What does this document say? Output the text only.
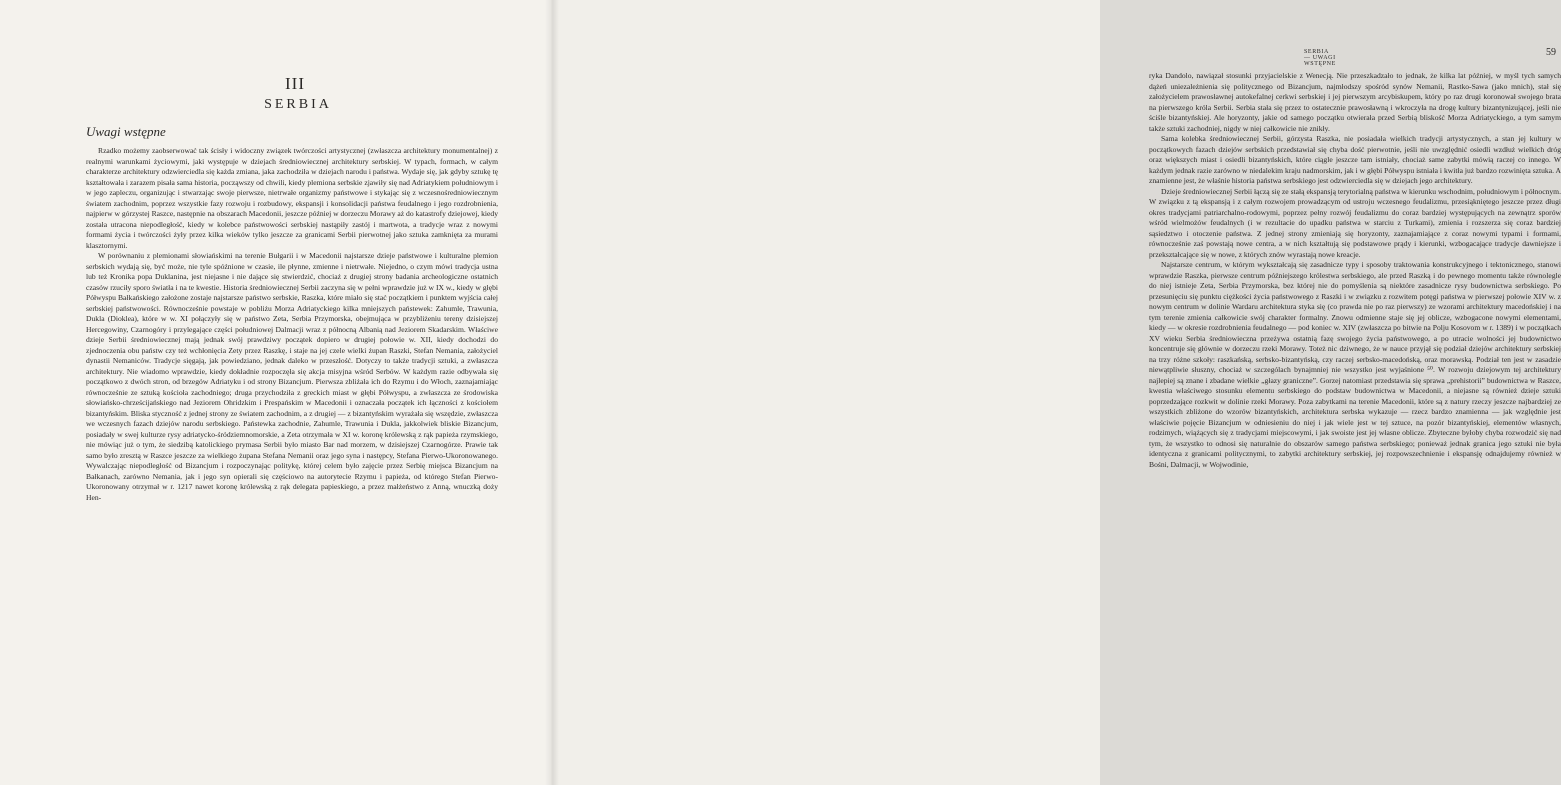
III
SERBIA
Uwagi wstępne

Rzadko możemy zaobserwować tak ścisły i widoczny związek twórczości artystycznej (zwłaszcza architektury monumentalnej) z realnymi warunkami życiowymi, jaki występuje w dziejach średniowiecznej architektury serbskiej. W typach, formach, w całym charakterze architektury odzwierciedla się każda zmiana, jaka zachodziła w dziejach narodu i państwa. Wydaje się, jak gdyby sztukę tę kształtowała i zarazem pisała sama historia, począwszy od chwili, kiedy plemiona serbskie zjawiły się nad Adriatykiem południowym i w jego zapleczu, organizując i stwarzając swoje pierwsze, nietrwałe organizmy państwowe i stykając się z wczesnośredniowiecznym światem zachodnim, poprzez wszystkie fazy rozwoju i rozbudowy, ekspansji i konsolidacji państwa feudalnego i jego rozdrobnienia, najpierw w górzystej Raszce, następnie na obszarach Macedonii, jeszcze później w dorzeczu Morawy aż do katastrofy dziejowej, kiedy została utracona niepodległość, kiedy w kolebce państwowości serbskiej nastąpiły zastój i martwota, a tradycje wraz z nowymi formami życia i twórczości żyły przez kilka wieków tylko jeszcze za granicami Serbii pierwotnej jako sztuka zamknięta za murami klasztornymi.

W porównaniu z plemionami słowiańskimi na terenie Bułgarii i w Macedonii najstarsze dzieje państwowe i kulturalne plemion serbskich wydają się, być może, nie tyle spóźnione w czasie, ile płynne, zmienne i nietrwałe. Niejedno, o czym mówi tradycja ustna lub też Kronika popa Duklanina, jest niejasne i nie dające się stwierdzić, chociaż z drugiej strony badania archeologiczne ostatnich czasów rzuciły sporo światła i na te kwestie. Historia średniowiecznej Serbii zaczyna się w pełni wprawdzie już w IX w., kiedy w głębi Półwyspu Bałkańskiego założone zostaje najstarsze państwo serbskie, Raszka, które miało się stać początkiem i punktem wyjścia całej serbskiej państwowości. Równocześnie powstaje w pobliżu Morza Adriatyckiego kilka mniejszych państewek: Zahumle, Trawunia, Dukla (Dioklea), które w w. XI połączyły się w państwo Zeta, Serbia Przymorska, obejmująca w przybliżeniu tereny dzisiejszej Hercegowiny, Czarnogóry i przylegające części południowej Dalmacji wraz z północną Albanią nad Jeziorem Skadarskim. Właściwe dzieje Serbii średniowiecznej mają jednak swój prawdziwy początek dopiero w drugiej połowie w. XII, kiedy dochodzi do zjednoczenia obu państw czy też wchłonięcia Zety przez Raszkę, i staje na jej czele wielki żupan Raszki, Stefan Nemania, założyciel dynastii Nemaniców. Tradycje sięgają, jak powiedziano, jednak daleko w przeszłość. Dotyczy to także tradycji sztuki, a zwłaszcza architektury. Nie wiadomo wprawdzie, kiedy dokładnie rozpoczęła się akcja misyjna wśród Serbów. W każdym razie odbywała się początkowo z dwóch stron, od brzegów Adriatyku i od strony Bizancjum. Pierwsza zbliżała ich do Rzymu i do Włoch, zaznajamiając równocześnie ze sztuką kościoła zachodniego; druga przychodziła z greckich miast w głębi Półwyspu, a zwłaszcza ze środowiska słowiańsko-chrześcijańskiego nad Jeziorem Ohridzkim i Prespańskim w Macedonii i oznaczała początek ich łączności z kościołem bizantyńskim. Bliska styczność z jednej strony ze światem zachodnim, a z drugiej — z bizantyńskim wyrażała się wszędzie, zwłaszcza we wczesnych fazach dziejów narodu serbskiego. Państewka zachodnie, Zahumle, Trawunia i Dukla, jakkolwiek bliskie Bizancjum, posiadały w swej kulturze rysy adriatycko-śródziemnomorskie, a Zeta otrzymała w XI w. koronę królewską z rąk papieża rzymskiego, nie mówiąc już o tym, że siedzibą katolickiego prymasa Serbii było miasto Bar nad morzem, w dzisiejszej Czarnogórze. Prawie tak samo było zresztą w Raszce jeszcze za wielkiego żupana Stefana Nemanii oraz jego syna i następcy, Stefana Pierwo-Ukoronowanego. Wywalczając niepodległość od Bizancjum i rozpoczynając politykę, której celem było zajęcie przez Serbię miejsca Bizancjum na Bałkanach, zarówno Nemania, jak i jego syn opierali się częściowo na autorytecie Rzymu i papieża, od którego Stefan Pierwo-Ukoronowany otrzymał w r. 1217 nawet koronę królewską z rąk delegata papieskiego, a przez małżeństwo z Anną, wnuczką doży Hen-

SERBIA — UWAGI WSTĘPNE
59

ryka Dandolo, nawiązał stosunki przyjacielskie z Wenecją. Nie przeszkadzało to jednak, że kilka lat później, w myśl tych samych dążeń uniezależnienia się politycznego od Bizancjum, najmłodszy spośród synów Nemanii, Rastko-Sawa (jako mnich), stał się założycielem prawosławnej autokefalnej cerkwi serbskiej i jej pierwszym arcybiskupem, który po raz drugi koronował swojego brata na pierwszego króla Serbii. Serbia stała się przez to ostatecznie prawosławną i wkroczyła na drogę kultury bizantynizującej, jeśli nie ściśle bizantyńskiej. Ale horyzonty, jakie od samego początku otwierała przed Serbią bliskość Morza Adriatyckiego, a tym samym także sztuki zachodniej, nigdy w niej całkowicie nie znikły.

Sama kolebka średniowiecznej Serbii, górzysta Raszka, nie posiadała wielkich tradycji artystycznych, a stan jej kultury w początkowych fazach dziejów serbskich przedstawiał się chyba dość pierwotnie, jeśli nie uwzględnić osiedli wzdłuż wielkich dróg oraz większych miast i osiedli bizantyńskich, które ciągle jeszcze tam istniały, chociaż same zabytki mówią raczej co innego. W każdym jednak razie zarówno w niedalekim kraju nadmorskim, jak i w głębi Półwyspu istniała i kwitła już bardzo rozwinięta sztuka. A znamienne jest, że właśnie historia państwa serbskiego jest odzwierciedla się w dziejach jego architektury.

Dzieje średniowiecznej Serbii łączą się ze stałą ekspansją terytorialną państwa w kierunku wschodnim, południowym i północnym. W związku z tą ekspansją i z całym rozwojem prowadzącym od ustroju wczesnego feudalizmu, przesiąkniętego jeszcze przez długi okres tradycjami patriarchalno-rodowymi, poprzez pełny rozwój feudalizmu do coraz bardziej występujących na zewnątrz sporów wśród wielmożów feudalnych (i w rezultacie do upadku państwa w starciu z Turkami), zmienia i rozszerza się coraz bardziej sąsiedztwo i otoczenie państwa. Z jednej strony zmieniają się horyzonty, zaznajamiające z coraz nowymi typami i formami, równocześnie zaś powstają nowe centra, a w nich kształtują się podstawowe prądy i kierunki, wzbogacające tradycje dawniejsze i przekształcające się w nowe, z których znów wyrastają nowe kreacje.

Najstarsze centrum, w którym wykształcają się zasadnicze typy i sposoby traktowania konstrukcyjnego i tektonicznego, stanowi wprawdzie Raszka, pierwsze centrum późniejszego królestwa serbskiego, ale przed Raszką i do pewnego momentu także równolegle do niej istnieje Zeta, Serbia Przymorska, bez której nie do pomyślenia są niektóre zasadnicze rysy budownictwa serbskiego. Po przesunięciu się punktu ciężkości życia państwowego z Raszki i w związku z rozwitem potęgi państwa w pierwszej połowie XIV w. z nowym centrum w dolinie Wardaru architektura styka się (co prawda nie po raz pierwszy) ze wzorami architektury macedońskiej i na tym terenie zmienia całkowicie swój charakter formalny. Znowu odmienne staje się jej oblicze, wzbogacone nowymi elementami, kiedy — w okresie rozdrobnienia feudalnego — pod koniec w. XIV (zwłaszcza po bitwie na Polju Kosovom w r. 1389) i w początkach XV wieku Serbia średniowieczna przeżywa ostatnią fazę swojego życia państwowego, a po utracie wolności jej budownictwo koncentruje się głównie w dorzeczu rzeki Morawy. Toteż nic dziwnego, że w nauce przyjął się podział dziejów architektury serbskiej na trzy różne szkoły: raszkańską, serbsko-bizantyńską, czy raczej serbsko-macedońską, oraz morawską. Podział ten jest w zasadzie niewątpliwie słuszny, chociaż w szczególach bynajmniej nie wszystko jest wyjaśnione ⁵⁰. W rozwoju dziejowym tej architektury najlepiej są znane i zbadane wielkie „głazy graniczne”. Gorzej natomiast przedstawia się sprawa „prehistorii” budownictwa w Raszce, kwestia właściwego stosunku elementu serbskiego do podstaw budownictwa w Macedonii, a niejasne są również dzieje sztuki poprzedzające rozkwit w dolinie rzeki Morawy. Poza zabytkami na terenie Macedonii, które są z natury rzeczy jeszcze najbardziej ze wszystkich zbliżone do wzorów bizantyńskich, architektura serbska wykazuje — rzecz bardzo znamienna — jak względnie jest właściwie pojęcie Bizancjum w odniesieniu do niej i jak wiele jest w tej sztuce, na pozór bizantyńskiej, elementów własnych, rodzimych, wiążących się z tradycjami miejscowymi, i jak swoiste jest jej własne oblicze. Zbyteczne byłoby chyba rozwodzić się nad tym, że wszystko to odnosi się naturalnie do obszarów samego państwa serbskiego; ponieważ jednak granica jego sztuki nie była identyczna z granicami politycznymi, to zabytki architektury serbskiej, jej rozpowszechnienie i ekspansję odnajdujemy również w Bośni, Dalmacji, w Wojwodinie,
